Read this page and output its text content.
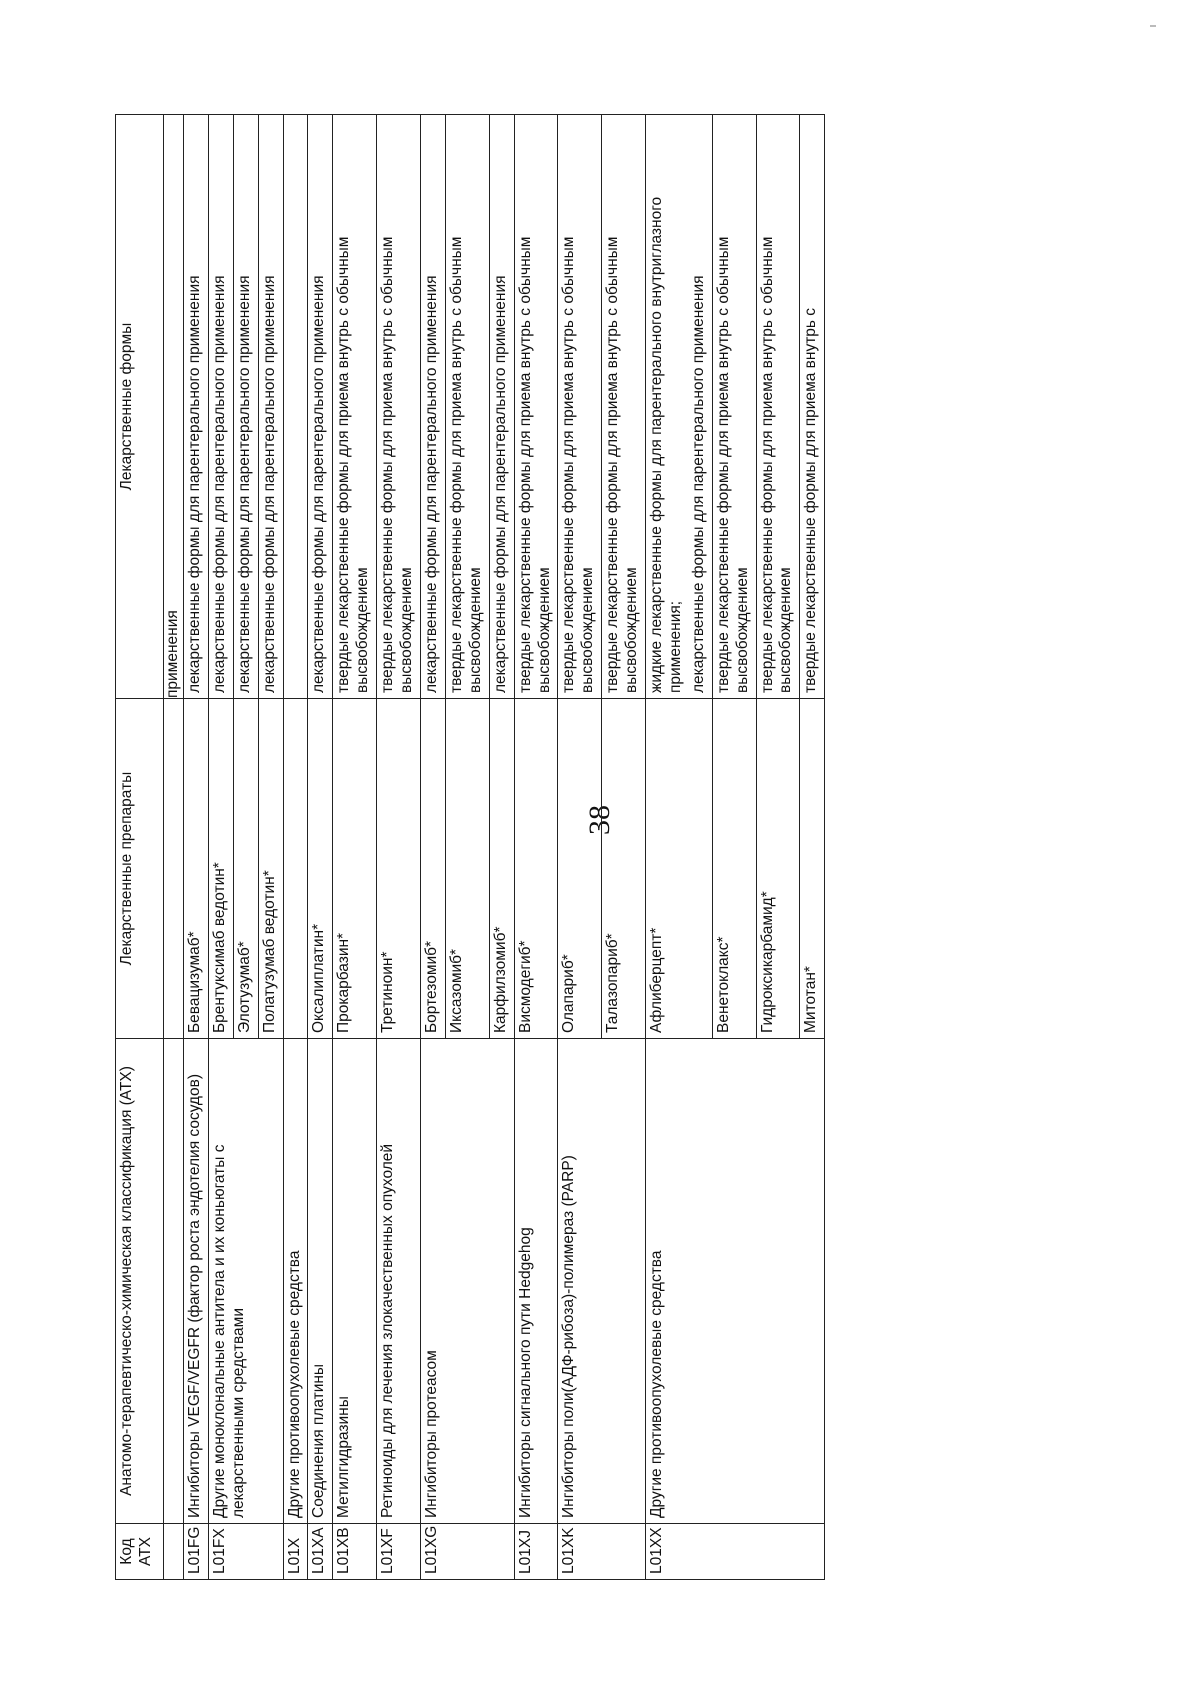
38
Код АТХ	Анатомо-терапевтическо-химическая классификация (АТХ)	Лекарственные препараты	Лекарственные формы
			применения
L01FG	Ингибиторы VEGF/VEGFR (фактор роста эндотелия сосудов)	Бевацизумаб*	лекарственные формы для парентерального применения
L01FX	Другие моноклональные антитела и их коньюгаты с лекарственными средствами	Брентуксимаб ведотин*	лекарственные формы для парентерального применения
		Элотузумаб*	лекарственные формы для парентерального применения
		Полатузумаб ведотин*	лекарственные формы для парентерального применения
L01X	Другие противоопухолевые средства		
L01XA	Соединения платины	Оксалиплатин*	лекарственные формы для парентерального применения
L01XB	Метилгидразины	Прокарбазин*	твердые лекарственные формы для приема внутрь с обычным высвобождением
L01XF	Ретиноиды для лечения злокачественных опухолей	Третиноин*	твердые лекарственные формы для приема внутрь с обычным высвобождением
L01XG	Ингибиторы протеасом	Бортезомиб*	лекарственные формы для парентерального применения
		Иксазомиб*	твердые лекарственные формы для приема внутрь с обычным высвобождением
		Карфилзомиб*	лекарственные формы для парентерального применения
L01XJ	Ингибиторы сигнального пути Hedgehog	Висмодегиб*	твердые лекарственные формы для приема внутрь с обычным высвобождением
L01XK	Ингибиторы поли(АДФ-рибоза)-полимераз (PARP)	Олапариб*	твердые лекарственные формы для приема внутрь с обычным высвобождением
		Талазопариб*	твердые лекарственные формы для приема внутрь с обычным высвобождением
L01XX	Другие противоопухолевые средства	Афлиберцепт*	жидкие лекарственные формы для парентерального внутриглазного применения; лекарственные формы для парентерального применения
		Венетоклакс*	твердые лекарственные формы для приема внутрь с обычным высвобождением
		Гидроксикарбамид*	твердые лекарственные формы для приема внутрь с обычным высвобождением
		Митотан*	твердые лекарственные формы для приема внутрь с
